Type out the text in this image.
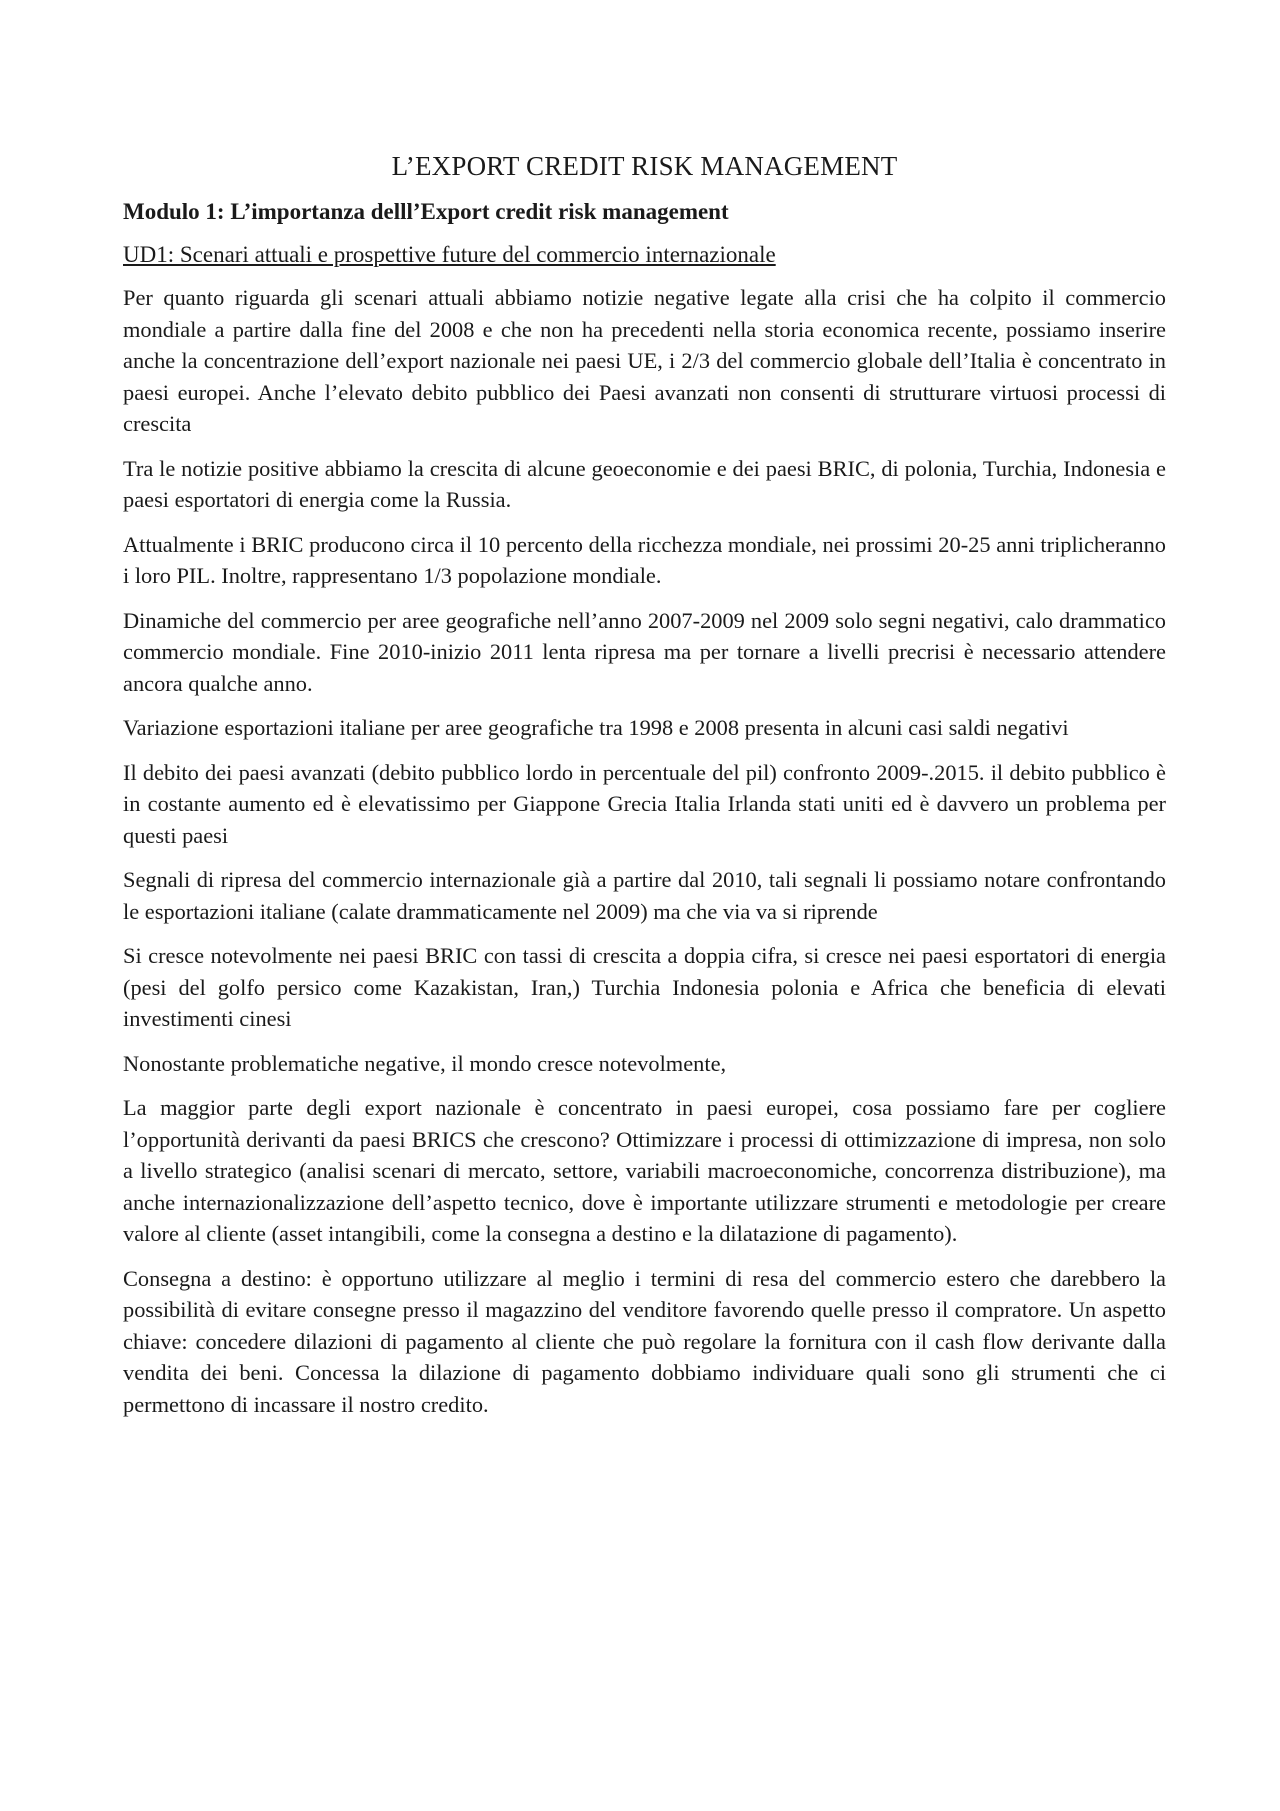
L’EXPORT CREDIT RISK MANAGEMENT
Modulo 1: L’importanza delll’Export credit risk management
UD1: Scenari attuali e prospettive future del commercio internazionale

Per quanto riguarda gli scenari attuali abbiamo notizie negative legate alla crisi che ha colpito il commercio mondiale a partire dalla fine del 2008 e che non ha precedenti nella storia economica recente, possiamo inserire anche la concentrazione dell’export nazionale nei paesi UE, i 2/3 del commercio globale dell’Italia è concentrato in paesi europei. Anche l’elevato debito pubblico dei Paesi avanzati non consenti di strutturare virtuosi processi di crescita

Tra le notizie positive abbiamo la crescita di alcune geoeconomie e dei paesi BRIC, di polonia, Turchia, Indonesia e paesi esportatori di energia come la Russia.

Attualmente i BRIC producono circa il 10 percento della ricchezza mondiale, nei prossimi 20-25 anni triplicheranno i loro PIL. Inoltre, rappresentano 1/3 popolazione mondiale.

Dinamiche del commercio per aree geografiche nell’anno 2007-2009 nel 2009 solo segni negativi, calo drammatico commercio mondiale. Fine 2010-inizio 2011 lenta ripresa ma per tornare a livelli precrisi è necessario attendere ancora qualche anno.

Variazione esportazioni italiane per aree geografiche tra 1998 e 2008 presenta in alcuni casi saldi negativi

Il debito dei paesi avanzati (debito pubblico lordo in percentuale del pil) confronto 2009-.2015. il debito pubblico è in costante aumento ed è elevatissimo per Giappone Grecia Italia Irlanda stati uniti ed è davvero un problema per questi paesi

Segnali di ripresa del commercio internazionale già a partire dal 2010, tali segnali li possiamo notare confrontando le esportazioni italiane (calate drammaticamente nel 2009) ma che via va si riprende

Si cresce notevolmente nei paesi BRIC con tassi di crescita a doppia cifra, si cresce nei paesi esportatori di energia (pesi del golfo persico come Kazakistan, Iran,) Turchia Indonesia polonia e Africa che beneficia di elevati investimenti cinesi

Nonostante problematiche negative, il mondo cresce notevolmente,

La maggior parte degli export nazionale è concentrato in paesi europei, cosa possiamo fare per cogliere l’opportunità derivanti da paesi BRICS che crescono? Ottimizzare i processi di ottimizzazione di impresa, non solo a livello strategico (analisi scenari di mercato, settore, variabili macroeconomiche, concorrenza distribuzione), ma anche internazionalizzazione dell’aspetto tecnico, dove è importante utilizzare strumenti e metodologie per creare valore al cliente (asset intangibili, come la consegna a destino e la dilatazione di pagamento).

Consegna a destino: è opportuno utilizzare al meglio i termini di resa del commercio estero che darebbero la possibilità di evitare consegne presso il magazzino del venditore favorendo quelle presso il compratore. Un aspetto chiave: concedere dilazioni di pagamento al cliente che può regolare la fornitura con il cash flow derivante dalla vendita dei beni. Concessa la dilazione di pagamento dobbiamo individuare quali sono gli strumenti che ci permettono di incassare il nostro credito.
